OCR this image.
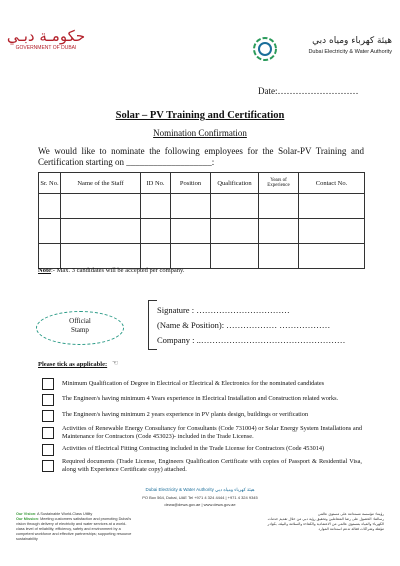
حكومـة دبـي
GOVERNMENT OF DUBAI
هيئة كهرباء ومياه دبي
Dubai Electricity & Water Authority
Date:………………………
Solar – PV Training and Certification
Nomination Confirmation
We would like to nominate the following employees for the Solar-PV Training and Certification starting on ___________________:
Sr. No.	Name of the Staff	ID No.	Position	Qualification	Years of Experience	Contact No.

Note:- Max. 3 candidates will be accepted per company.
Official
Stamp
Signature : ……………………………
(Name & Position): ……………… ………………
Company : ..……………………………………………
Please tick as applicable: ☜
Minimum Qualification of Degree in Electrical or Electrical & Electronics for the nominated candidates
The Engineer/s having minimum 4 Years experience in Electrical Installation and Construction related works.
The Engineer/s having minimum 2 years experience in PV plants design, buildings or verification
Activities of Renewable Energy Consultancy for Consultants (Code 731004) or Solar Energy System Installations and Maintenance for Contractors (Code 453023)- included in the Trade License.
Activities of Electrical Fitting Contracting included in the Trade License for Contractors (Code 453014)
Required documents (Trade License, Engineers Qualification Certificate with copies of Passport & Residential Visa, along with Experience Certificate copy) attached.
Dubai Electricity & Water Authority هيئة كهرباء ومياه دبي
PO Box 564, Dubai, UAE Tel +971 4 324 4444 | +971 4 324 9345
dewa@dewa.gov.ae | www.dewa.gov.ae
Our Vision: A Sustainable World-Class Utility
Our Mission: Meeting customers satisfaction and promoting Dubai's vision through delivery of electricity and water services at a world-class level of reliability, efficiency, safety and environment by a competent workforce and effective partnerships; supporting resource sustainability
رؤيتنا: مؤسسة مستدامة على مستوى عالمي
رسالتنا: الحصول على رضا المتعاملين وتحقيق رؤية دبي من خلال تقديم خدمات الكهرباء والمياه بمستوى عالمي من الاعتمادية والكفاءة والسلامة والبيئة، بكوادر مؤهلة وشراكات فعالة تدعم استدامة الموارد
